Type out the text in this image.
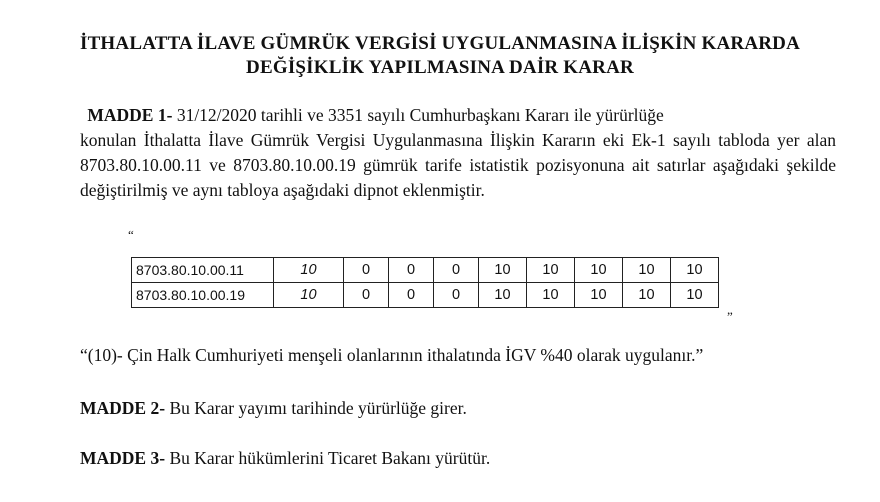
İTHALATTA İLAVE GÜMRÜK VERGİSİ UYGULANMASINA İLİŞKİN KARARDA
DEĞİŞİKLİK YAPILMASINA DAİR KARAR
MADDE 1- 31/12/2020 tarihli ve 3351 sayılı Cumhurbaşkanı Kararı ile yürürlüğe
konulan İthalatta İlave Gümrük Vergisi Uygulanmasına İlişkin Kararın eki Ek-1 sayılı tabloda yer alan 8703.80.10.00.11 ve 8703.80.10.00.19 gümrük tarife istatistik pozisyonuna ait satırlar aşağıdaki şekilde değiştirilmiş ve aynı tabloya aşağıdaki dipnot eklenmiştir.
“
8703.80.10.00.11	10	0	0	0	10	10	10	10	10
8703.80.10.00.19	10	0	0	0	10	10	10	10	10
”
“(10)- Çin Halk Cumhuriyeti menşeli olanlarının ithalatında İGV %40 olarak uygulanır.”
MADDE 2- Bu Karar yayımı tarihinde yürürlüğe girer.
MADDE 3- Bu Karar hükümlerini Ticaret Bakanı yürütür.
